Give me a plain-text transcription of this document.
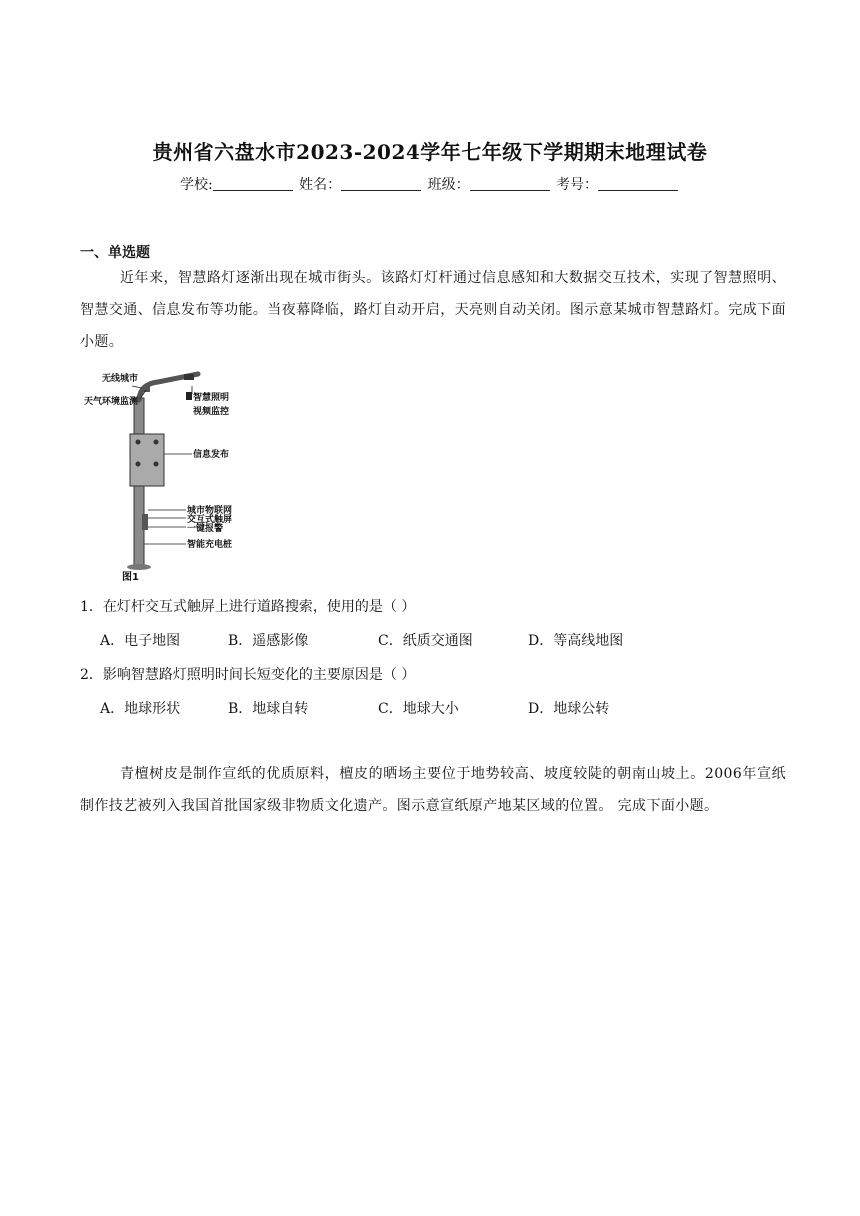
贵州省六盘水市2023-2024学年七年级下学期期末地理试卷
学校:	姓名：	班级：	考号：
一、单选题
近年来，智慧路灯逐渐出现在城市街头。该路灯灯杆通过信息感知和大数据交互技术，实现了智慧照明、智慧交通、信息发布等功能。当夜幕降临，路灯自动开启，天亮则自动关闭。图示意某城市智慧路灯。完成下面小题。
无线城市
天气环境监测	智慧照明
视频监控
信息发布
城市物联网
交互式触屏
一键报警
智能充电桩
图1
1．在灯杆交互式触屏上进行道路搜索，使用的是（ ）
A．电子地图	B．遥感影像	C．纸质交通图	D．等高线地图
2．影响智慧路灯照明时间长短变化的主要原因是（ ）
A．地球形状	B．地球自转	C．地球大小	D．地球公转
青檀树皮是制作宣纸的优质原料，檀皮的晒场主要位于地势较高、坡度较陡的朝南山坡上。2006年宣纸制作技艺被列入我国首批国家级非物质文化遗产。图示意宣纸原产地某区域的位置。 完成下面小题。
